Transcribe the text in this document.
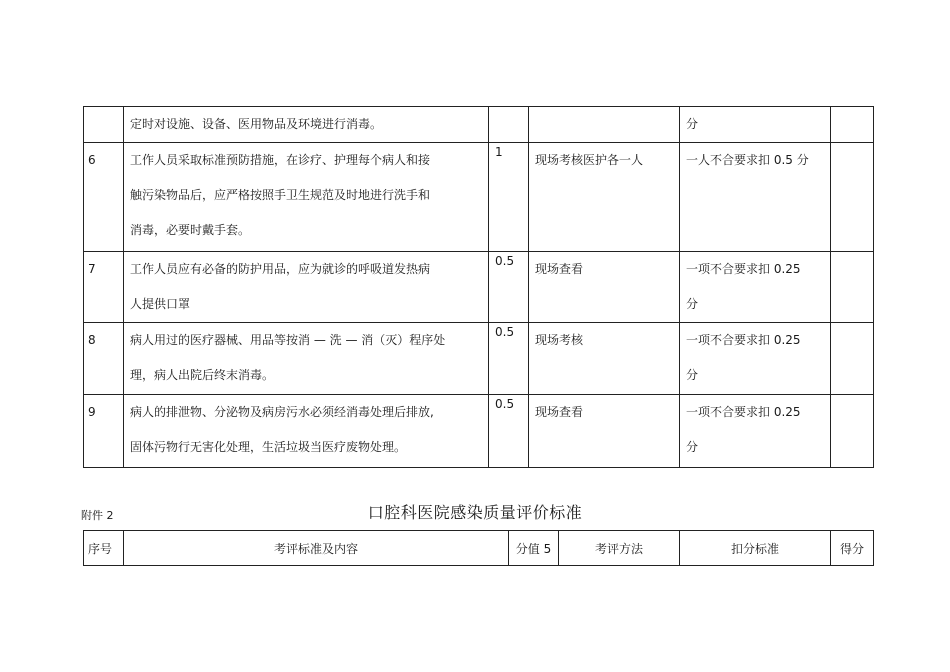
	定时对设施、设备、医用物品及环境进行消毒。			分	

6	工作人员采取标准预防措施，在诊疗、护理每个病人和接
触污染物品后，应严格按照手卫生规范及时地进行洗手和
消毒，必要时戴手套。	1	现场考核医护各一人	一人不合要求扣 0.5 分	

7	工作人员应有必备的防护用品，应为就诊的呼吸道发热病
人提供口罩	0.5	现场查看	一项不合要求扣 0.25
分	

8	病人用过的医疗器械、用品等按消 — 洗 — 消（灭）程序处
理，病人出院后终末消毒。	0.5	现场考核	一项不合要求扣 0.25
分	

9	病人的排泄物、分泌物及病房污水必须经消毒处理后排放,
固体污物行无害化处理，生活垃圾当医疗废物处理。	0.5	现场查看	一项不合要求扣 0.25
分	

附件 2	口腔科医院感染质量评价标准
序号	考评标准及内容	分值 5	考评方法	扣分标准	得分
